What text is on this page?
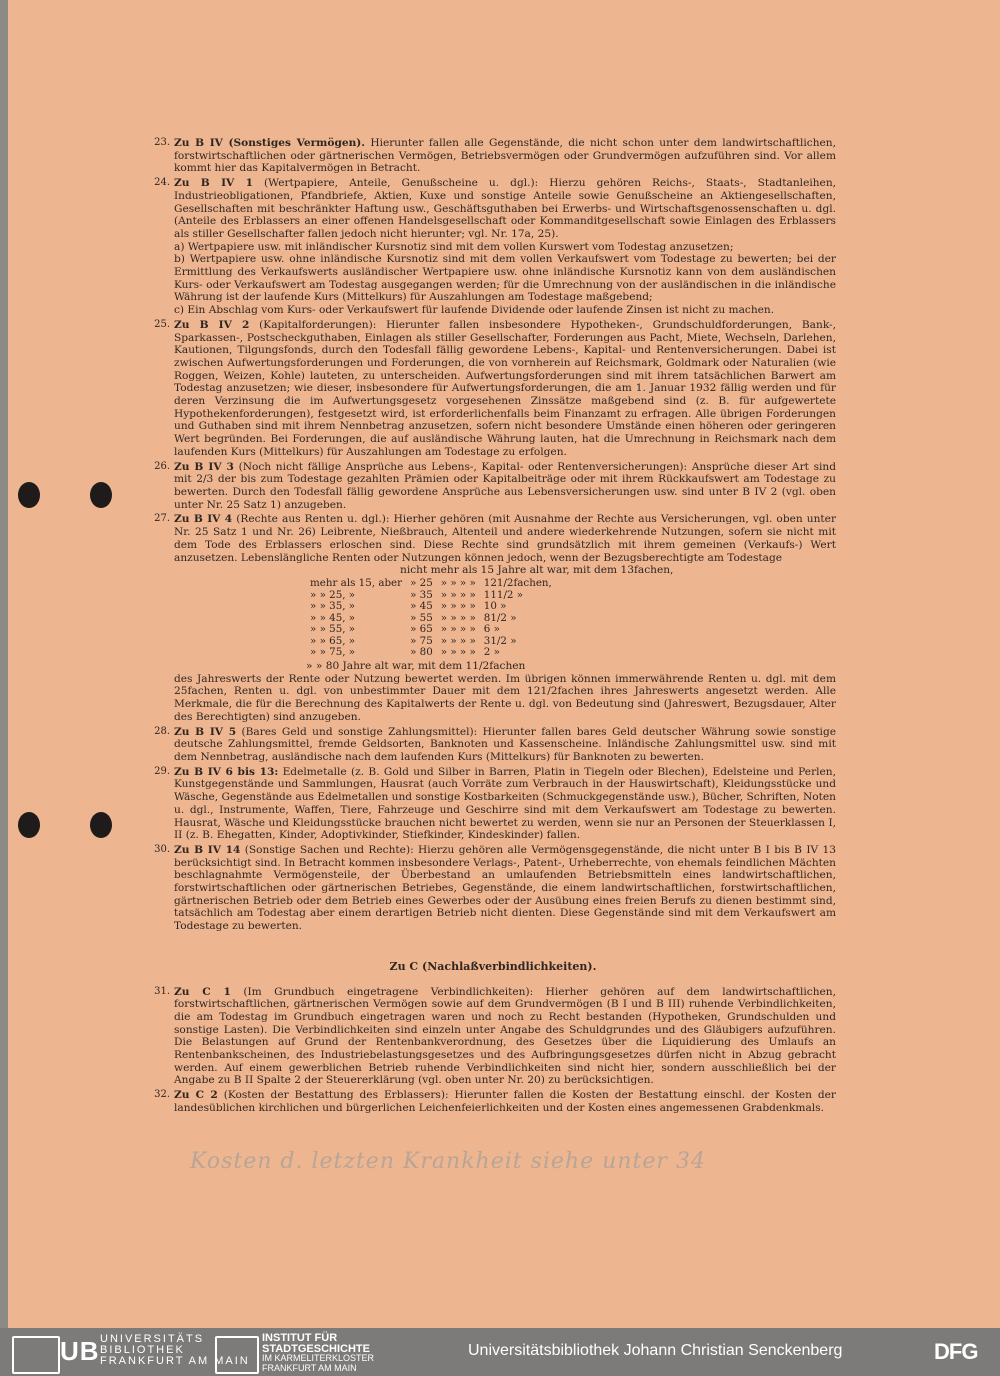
23. Zu B IV (Sonstiges Vermögen). Hierunter fallen alle Gegenstände, die nicht schon unter dem landwirtschaftlichen, forstwirtschaftlichen oder gärtnerischen Vermögen, Betriebsvermögen oder Grundvermögen aufzuführen sind. Vor allem kommt hier das Kapitalvermögen in Betracht.
24. Zu B IV 1 (Wertpapiere, Anteile, Genußscheine u. dgl.): Hierzu gehören Reichs-, Staats-, Stadtanleihen, Industrieobligationen, Pfandbriefe, Aktien, Kuxe und sonstige Anteile sowie Genußscheine an Aktiengesellschaften, Gesellschaften mit beschränkter Haftung usw., Geschäftsguthaben bei Erwerbs- und Wirtschaftsgenossenschaften u. dgl. (Anteile des Erblassers an einer offenen Handelsgesellschaft oder Kommanditgesellschaft sowie Einlagen des Erblassers als stiller Gesellschafter fallen jedoch nicht hierunter; vgl. Nr. 17a, 25).
a) Wertpapiere usw. mit inländischer Kursnotiz sind mit dem vollen Kurswert vom Todestag anzusetzen;
b) Wertpapiere usw. ohne inländische Kursnotiz sind mit dem vollen Verkaufswert vom Todestage zu bewerten; bei der Ermittlung des Verkaufswerts ausländischer Wertpapiere usw. ohne inländische Kursnotiz kann von dem ausländischen Kurs- oder Verkaufswert am Todestag ausgegangen werden; für die Umrechnung von der ausländischen in die inländische Währung ist der laufende Kurs (Mittelkurs) für Auszahlungen am Todestage maßgebend;
c) Ein Abschlag vom Kurs- oder Verkaufswert für laufende Dividende oder laufende Zinsen ist nicht zu machen.
25. Zu B IV 2 (Kapitalforderungen): Hierunter fallen insbesondere Hypotheken-, Grundschuldforderungen, Bank-, Sparkassen-, Postscheckguthaben, Einlagen als stiller Gesellschafter, Forderungen aus Pacht, Miete, Wechseln, Darlehen, Kautionen, Tilgungsfonds, durch den Todesfall fällig gewordene Lebens-, Kapital- und Rentenversicherungen. Dabei ist zwischen Aufwertungsforderungen und Forderungen, die von vornherein auf Reichsmark, Goldmark oder Naturalien (wie Roggen, Weizen, Kohle) lauteten, zu unterscheiden. Aufwertungsforderungen sind mit ihrem tatsächlichen Barwert am Todestag anzusetzen; wie dieser, insbesondere für Aufwertungsforderungen, die am 1. Januar 1932 fällig werden und für deren Verzinsung die im Aufwertungsgesetz vorgesehenen Zinssätze maßgebend sind (z. B. für aufgewertete Hypothekenforderungen), festgesetzt wird, ist erforderlichenfalls beim Finanzamt zu erfragen. Alle übrigen Forderungen und Guthaben sind mit ihrem Nennbetrag anzusetzen, sofern nicht besondere Umstände einen höheren oder geringeren Wert begründen. Bei Forderungen, die auf ausländische Währung lauten, hat die Umrechnung in Reichsmark nach dem laufenden Kurs (Mittelkurs) für Auszahlungen am Todestage zu erfolgen.
26. Zu B IV 3 (Noch nicht fällige Ansprüche aus Lebens-, Kapital- oder Rentenversicherungen): Ansprüche dieser Art sind mit 2/3 der bis zum Todestage gezahlten Prämien oder Kapitalbeiträge oder mit ihrem Rückkaufswert am Todestage zu bewerten. Durch den Todesfall fällig gewordene Ansprüche aus Lebensversicherungen usw. sind unter B IV 2 (vgl. oben unter Nr. 25 Satz 1) anzugeben.
27. Zu B IV 4 (Rechte aus Renten u. dgl.): Hierher gehören (mit Ausnahme der Rechte aus Versicherungen, vgl. oben unter Nr. 25 Satz 1 und Nr. 26) Leibrente, Nießbrauch, Altenteil und andere wiederkehrende Nutzungen, sofern sie nicht mit dem Tode des Erblassers erloschen sind. Diese Rechte sind grundsätzlich mit ihrem gemeinen (Verkaufs-) Wert anzusetzen. Lebenslängliche Renten oder Nutzungen können jedoch, wenn der Bezugsberechtigte am Todestage
nicht mehr als 15 Jahre alt war, mit dem 13fachen,
mehr als 15, aber	» 25	» » » »	121/2fachen,
» » 25, »	» 35	» » » »	111/2 »
» » 35, »	» 45	» » » »	10 »
» » 45, »	» 55	» » » »	81/2 »
» » 55, »	» 65	» » » »	6 »
» » 65, »	» 75	» » » »	31/2 »
» » 75, »	» 80	» » » »	2 »
» » 80 Jahre alt war, mit dem 11/2fachen
des Jahreswerts der Rente oder Nutzung bewertet werden. Im übrigen können immerwährende Renten u. dgl. mit dem 25fachen, Renten u. dgl. von unbestimmter Dauer mit dem 121/2fachen ihres Jahreswerts angesetzt werden. Alle Merkmale, die für die Berechnung des Kapitalwerts der Rente u. dgl. von Bedeutung sind (Jahreswert, Bezugsdauer, Alter des Berechtigten) sind anzugeben.
28. Zu B IV 5 (Bares Geld und sonstige Zahlungsmittel): Hierunter fallen bares Geld deutscher Währung sowie sonstige deutsche Zahlungsmittel, fremde Geldsorten, Banknoten und Kassenscheine. Inländische Zahlungsmittel usw. sind mit dem Nennbetrag, ausländische nach dem laufenden Kurs (Mittelkurs) für Banknoten zu bewerten.
29. Zu B IV 6 bis 13: Edelmetalle (z. B. Gold und Silber in Barren, Platin in Tiegeln oder Blechen), Edelsteine und Perlen, Kunstgegenstände und Sammlungen, Hausrat (auch Vorräte zum Verbrauch in der Hauswirtschaft), Kleidungsstücke und Wäsche, Gegenstände aus Edelmetallen und sonstige Kostbarkeiten (Schmuckgegenstände usw.), Bücher, Schriften, Noten u. dgl., Instrumente, Waffen, Tiere, Fahrzeuge und Geschirre sind mit dem Verkaufswert am Todestage zu bewerten. Hausrat, Wäsche und Kleidungsstücke brauchen nicht bewertet zu werden, wenn sie nur an Personen der Steuerklassen I, II (z. B. Ehegatten, Kinder, Adoptivkinder, Stiefkinder, Kindeskinder) fallen.
30. Zu B IV 14 (Sonstige Sachen und Rechte): Hierzu gehören alle Vermögensgegenstände, die nicht unter B I bis B IV 13 berücksichtigt sind. In Betracht kommen insbesondere Verlags-, Patent-, Urheberrechte, von ehemals feindlichen Mächten beschlagnahmte Vermögensteile, der Überbestand an umlaufenden Betriebsmitteln eines landwirtschaftlichen, forstwirtschaftlichen oder gärtnerischen Betriebes, Gegenstände, die einem landwirtschaftlichen, forstwirtschaftlichen, gärtnerischen Betrieb oder dem Betrieb eines Gewerbes oder der Ausübung eines freien Berufs zu dienen bestimmt sind, tatsächlich am Todestag aber einem derartigen Betrieb nicht dienten. Diese Gegenstände sind mit dem Verkaufswert am Todestage zu bewerten.
Zu C (Nachlaßverbindlichkeiten).
31. Zu C 1 (Im Grundbuch eingetragene Verbindlichkeiten): Hierher gehören auf dem landwirtschaftlichen, forstwirtschaftlichen, gärtnerischen Vermögen sowie auf dem Grundvermögen (B I und B III) ruhende Verbindlichkeiten, die am Todestag im Grundbuch eingetragen waren und noch zu Recht bestanden (Hypotheken, Grundschulden und sonstige Lasten). Die Verbindlichkeiten sind einzeln unter Angabe des Schuldgrundes und des Gläubigers aufzuführen. Die Belastungen auf Grund der Rentenbankverordnung, des Gesetzes über die Liquidierung des Umlaufs an Rentenbankscheinen, des Industriebelastungsgesetzes und des Aufbringungsgesetzes dürfen nicht in Abzug gebracht werden. Auf einem gewerblichen Betrieb ruhende Verbindlichkeiten sind nicht hier, sondern ausschließlich bei der Angabe zu B II Spalte 2 der Steuererklärung (vgl. oben unter Nr. 20) zu berücksichtigen.
32. Zu C 2 (Kosten der Bestattung des Erblassers): Hierunter fallen die Kosten der Bestattung einschl. der Kosten der landesüblichen kirchlichen und bürgerlichen Leichenfeierlichkeiten und der Kosten eines angemessenen Grabdenkmals.
Kosten d. letzten Krankheit siehe unter 34
UB UNIVERSITÄTS
BIBLIOTHEK
FRANKFURT AM MAIN
INSTITUT FÜR
STADTGESCHICHTE
IM KARMELITERKLOSTER
FRANKFURT AM MAIN
Universitätsbibliothek Johann Christian Senckenberg	DFG
